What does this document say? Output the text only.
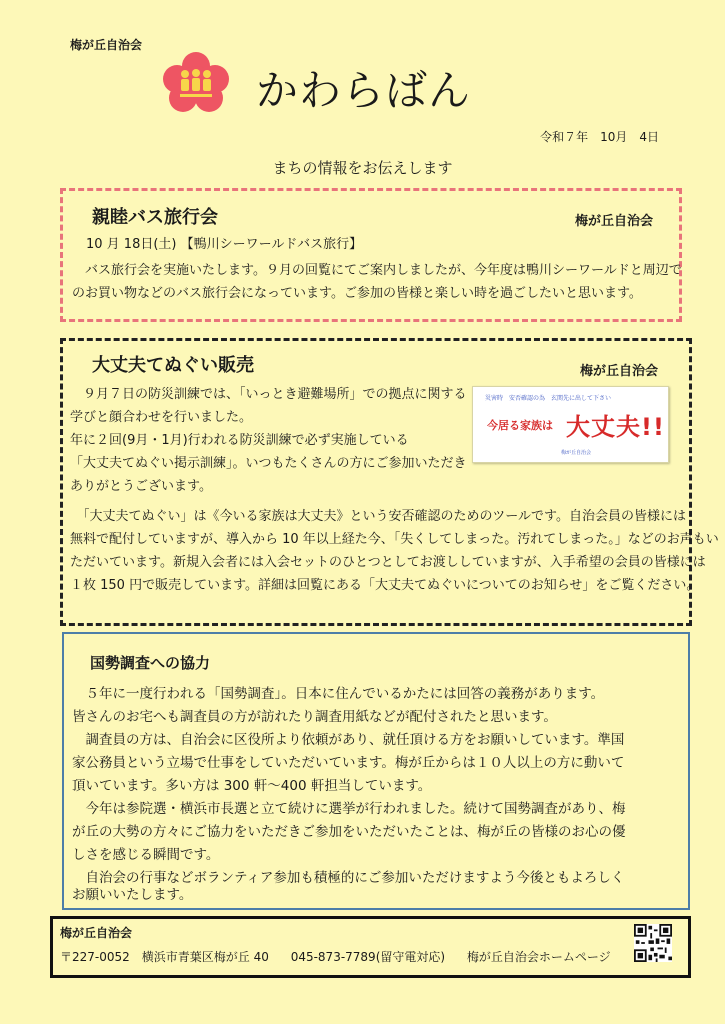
梅が丘自治会
かわらばん
令和７年　10月　4日
まちの情報をお伝えします
親睦バス旅行会	梅が丘自治会
10 月 18日(土) 【鴨川シーワールドバス旅行】
　バス旅行会を実施いたします。９月の回覧にてご案内しましたが、今年度は鴨川シーワールドと周辺で
のお買い物などのバス旅行会になっています。ご参加の皆様と楽しい時を過ごしたいと思います。
大丈夫てぬぐい販売	梅が丘自治会
　９月７日の防災訓練では、「いっとき避難場所」での拠点に関する
学びと顔合わせを行いました。
年に２回(9月・1月)行われる防災訓練で必ず実施している
「大丈夫てぬぐい掲示訓練」。いつもたくさんの方にご参加いただき
ありがとうございます。
　「大丈夫てぬぐい」は《今いる家族は大丈夫》という安否確認のためのツールです。自治会員の皆様には
無料で配付していますが、導入から 10 年以上経た今、「失くしてしまった。汚れてしまった。」などのお声もい
ただいています。新規入会者には入会セットのひとつとしてお渡ししていますが、入手希望の会員の皆様には
１枚 150 円で販売しています。詳細は回覧にある「大丈夫てぬぐいについてのお知らせ」をご覧ください。
災害時　安否確認の為　玄関先に出して下さい
今居る家族は 大丈夫!!
梅が丘自治会
国勢調査への協力
　５年に一度行われる「国勢調査」。日本に住んでいるかたには回答の義務があります。
皆さんのお宅へも調査員の方が訪れたり調査用紙などが配付されたと思います。
　調査員の方は、自治会に区役所より依頼があり、就任頂ける方をお願いしています。準国
家公務員という立場で仕事をしていただいています。梅が丘からは１０人以上の方に動いて
頂いています。多い方は 300 軒～400 軒担当しています。
　今年は参院選・横浜市長選と立て続けに選挙が行われました。続けて国勢調査があり、梅
が丘の大勢の方々にご協力をいただきご参加をいただいたことは、梅が丘の皆様のお心の優
しさを感じる瞬間です。
　自治会の行事などボランティア参加も積極的にご参加いただけますよう今後ともよろしく
お願いいたします。
梅が丘自治会
〒227-0052　横浜市青葉区梅が丘 40 045-873-7789(留守電対応) 梅が丘自治会ホームページ
